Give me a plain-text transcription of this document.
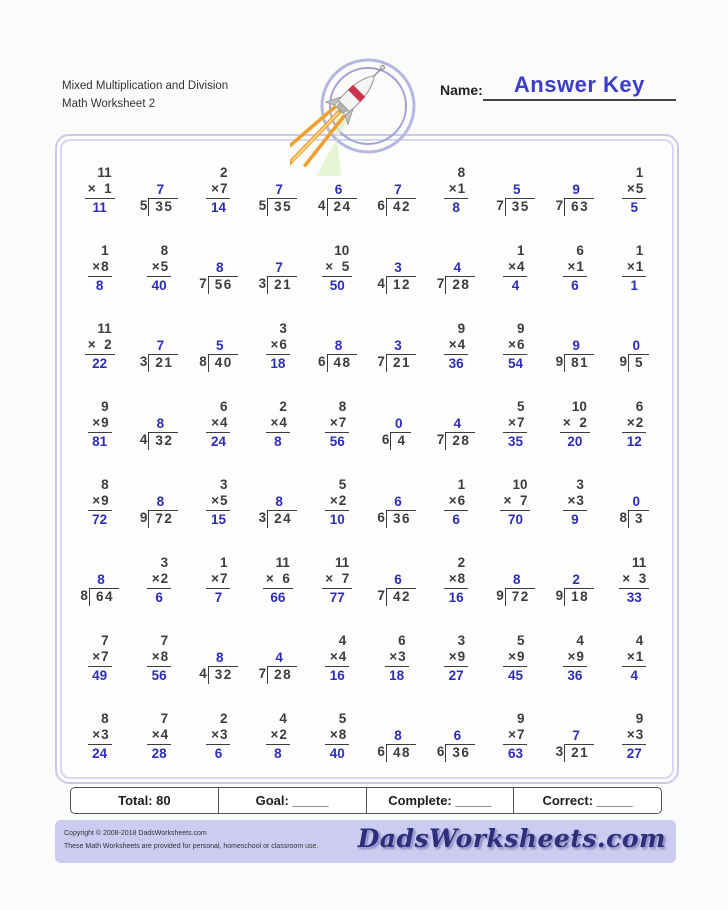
Mixed Multiplication and Division
Math Worksheet 2
Name:	Answer Key
11
× 1
11
7
5 35
2
× 7
14
7
5 35
6
4 24
7
6 42
8
× 1
8
5
7 35
9
7 63
1
× 5
5
1
× 8
8
8
× 5
40
8
7 56
7
3 21
10
× 5
50
3
4 12
4
7 28
1
× 4
4
6
× 1
6
1
× 1
1
11
× 2
22
7
3 21
5
8 40
3
× 6
18
8
6 48
3
7 21
9
× 4
36
9
× 6
54
9
9 81
0
9 5
9
× 9
81
8
4 32
6
× 4
24
2
× 4
8
8
× 7
56
0
6 4
4
7 28
5
× 7
35
10
× 2
20
6
× 2
12
8
× 9
72
8
9 72
3
× 5
15
8
3 24
5
× 2
10
6
6 36
1
× 6
6
10
× 7
70
3
× 3
9
0
8 3
8
8 64
3
× 2
6
1
× 7
7
11
× 6
66
11
× 7
77
6
7 42
2
× 8
16
8
9 72
2
9 18
11
× 3
33
7
× 7
49
7
× 8
56
8
4 32
4
7 28
4
× 4
16
6
× 3
18
3
× 9
27
5
× 9
45
4
× 9
36
4
× 1
4
8
× 3
24
7
× 4
28
2
× 3
6
4
× 2
8
5
× 8
40
8
6 48
6
6 36
9
× 7
63
7
3 21
9
× 3
27
Total: 80	Goal: _____	Complete: _____	Correct: _____
Copyright © 2008-2018 DadsWorksheets.com
These Math Worksheets are provided for personal, homeschool or classroom use. DadsWorksheets.com
